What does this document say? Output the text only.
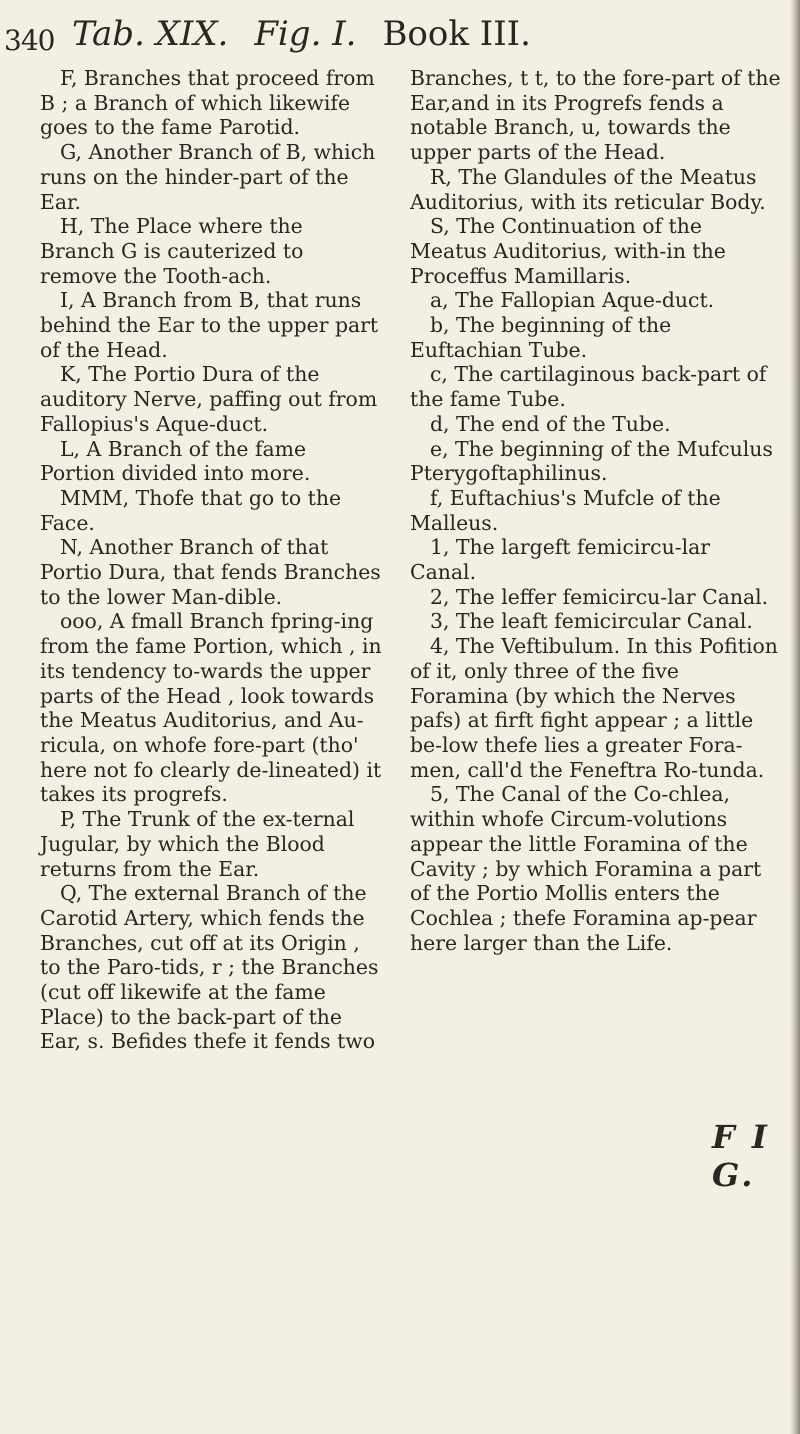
340 Tab. XIX. Fig. I. Book III.

F, Branches that proceed from B ; a Branch of which likewife goes to the fame Parotid.

G, Another Branch of B, which runs on the hinder-part of the Ear.

H, The Place where the Branch G is cauterized to remove the Tooth-ach.

I, A Branch from B, that runs behind the Ear to the upper part of the Head.

K, The Portio Dura of the auditory Nerve, paffing out from Fallopius's Aque-duct.

L, A Branch of the fame Portion divided into more.

MMM, Thofe that go to the Face.

N, Another Branch of that Portio Dura, that fends Branches to the lower Man-dible.

ooo, A fmall Branch fpring-ing from the fame Portion, which , in its tendency to-wards the upper parts of the Head , look towards the Meatus Auditorius, and Au-ricula, on whofe fore-part (tho' here not fo clearly de-lineated) it takes its progrefs.

P, The Trunk of the ex-ternal Jugular, by which the Blood returns from the Ear.

Q, The external Branch of the Carotid Artery, which fends the Branches, cut off at its Origin , to the Paro-tids, r ; the Branches (cut off likewife at the fame Place) to the back-part of the Ear, s. Befides thefe it fends two

Branches, t t, to the fore-part of the Ear,and in its Progrefs fends a notable Branch, u, towards the upper parts of the Head.

R, The Glandules of the Meatus Auditorius, with its reticular Body.

S, The Continuation of the Meatus Auditorius, with-in the Proceffus Mamillaris.

a, The Fallopian Aque-duct.

b, The beginning of the Euftachian Tube.

c, The cartilaginous back-part of the fame Tube.

d, The end of the Tube.

e, The beginning of the Mufculus Pterygoftaphilinus.

f, Euftachius's Mufcle of the Malleus.

1, The largeft femicircu-lar Canal.

2, The leffer femicircu-lar Canal.

3, The leaft femicircular Canal.

4, The Veftibulum. In this Pofition of it, only three of the five Foramina (by which the Nerves pafs) at firft fight appear ; a little be-low thefe lies a greater Fora-men, call'd the Feneftra Ro-tunda.

5, The Canal of the Co-chlea, within whofe Circum-volutions appear the little Foramina of the Cavity ; by which Foramina a part of the Portio Mollis enters the Cochlea ; thefe Foramina ap-pear here larger than the Life.

F I G.
